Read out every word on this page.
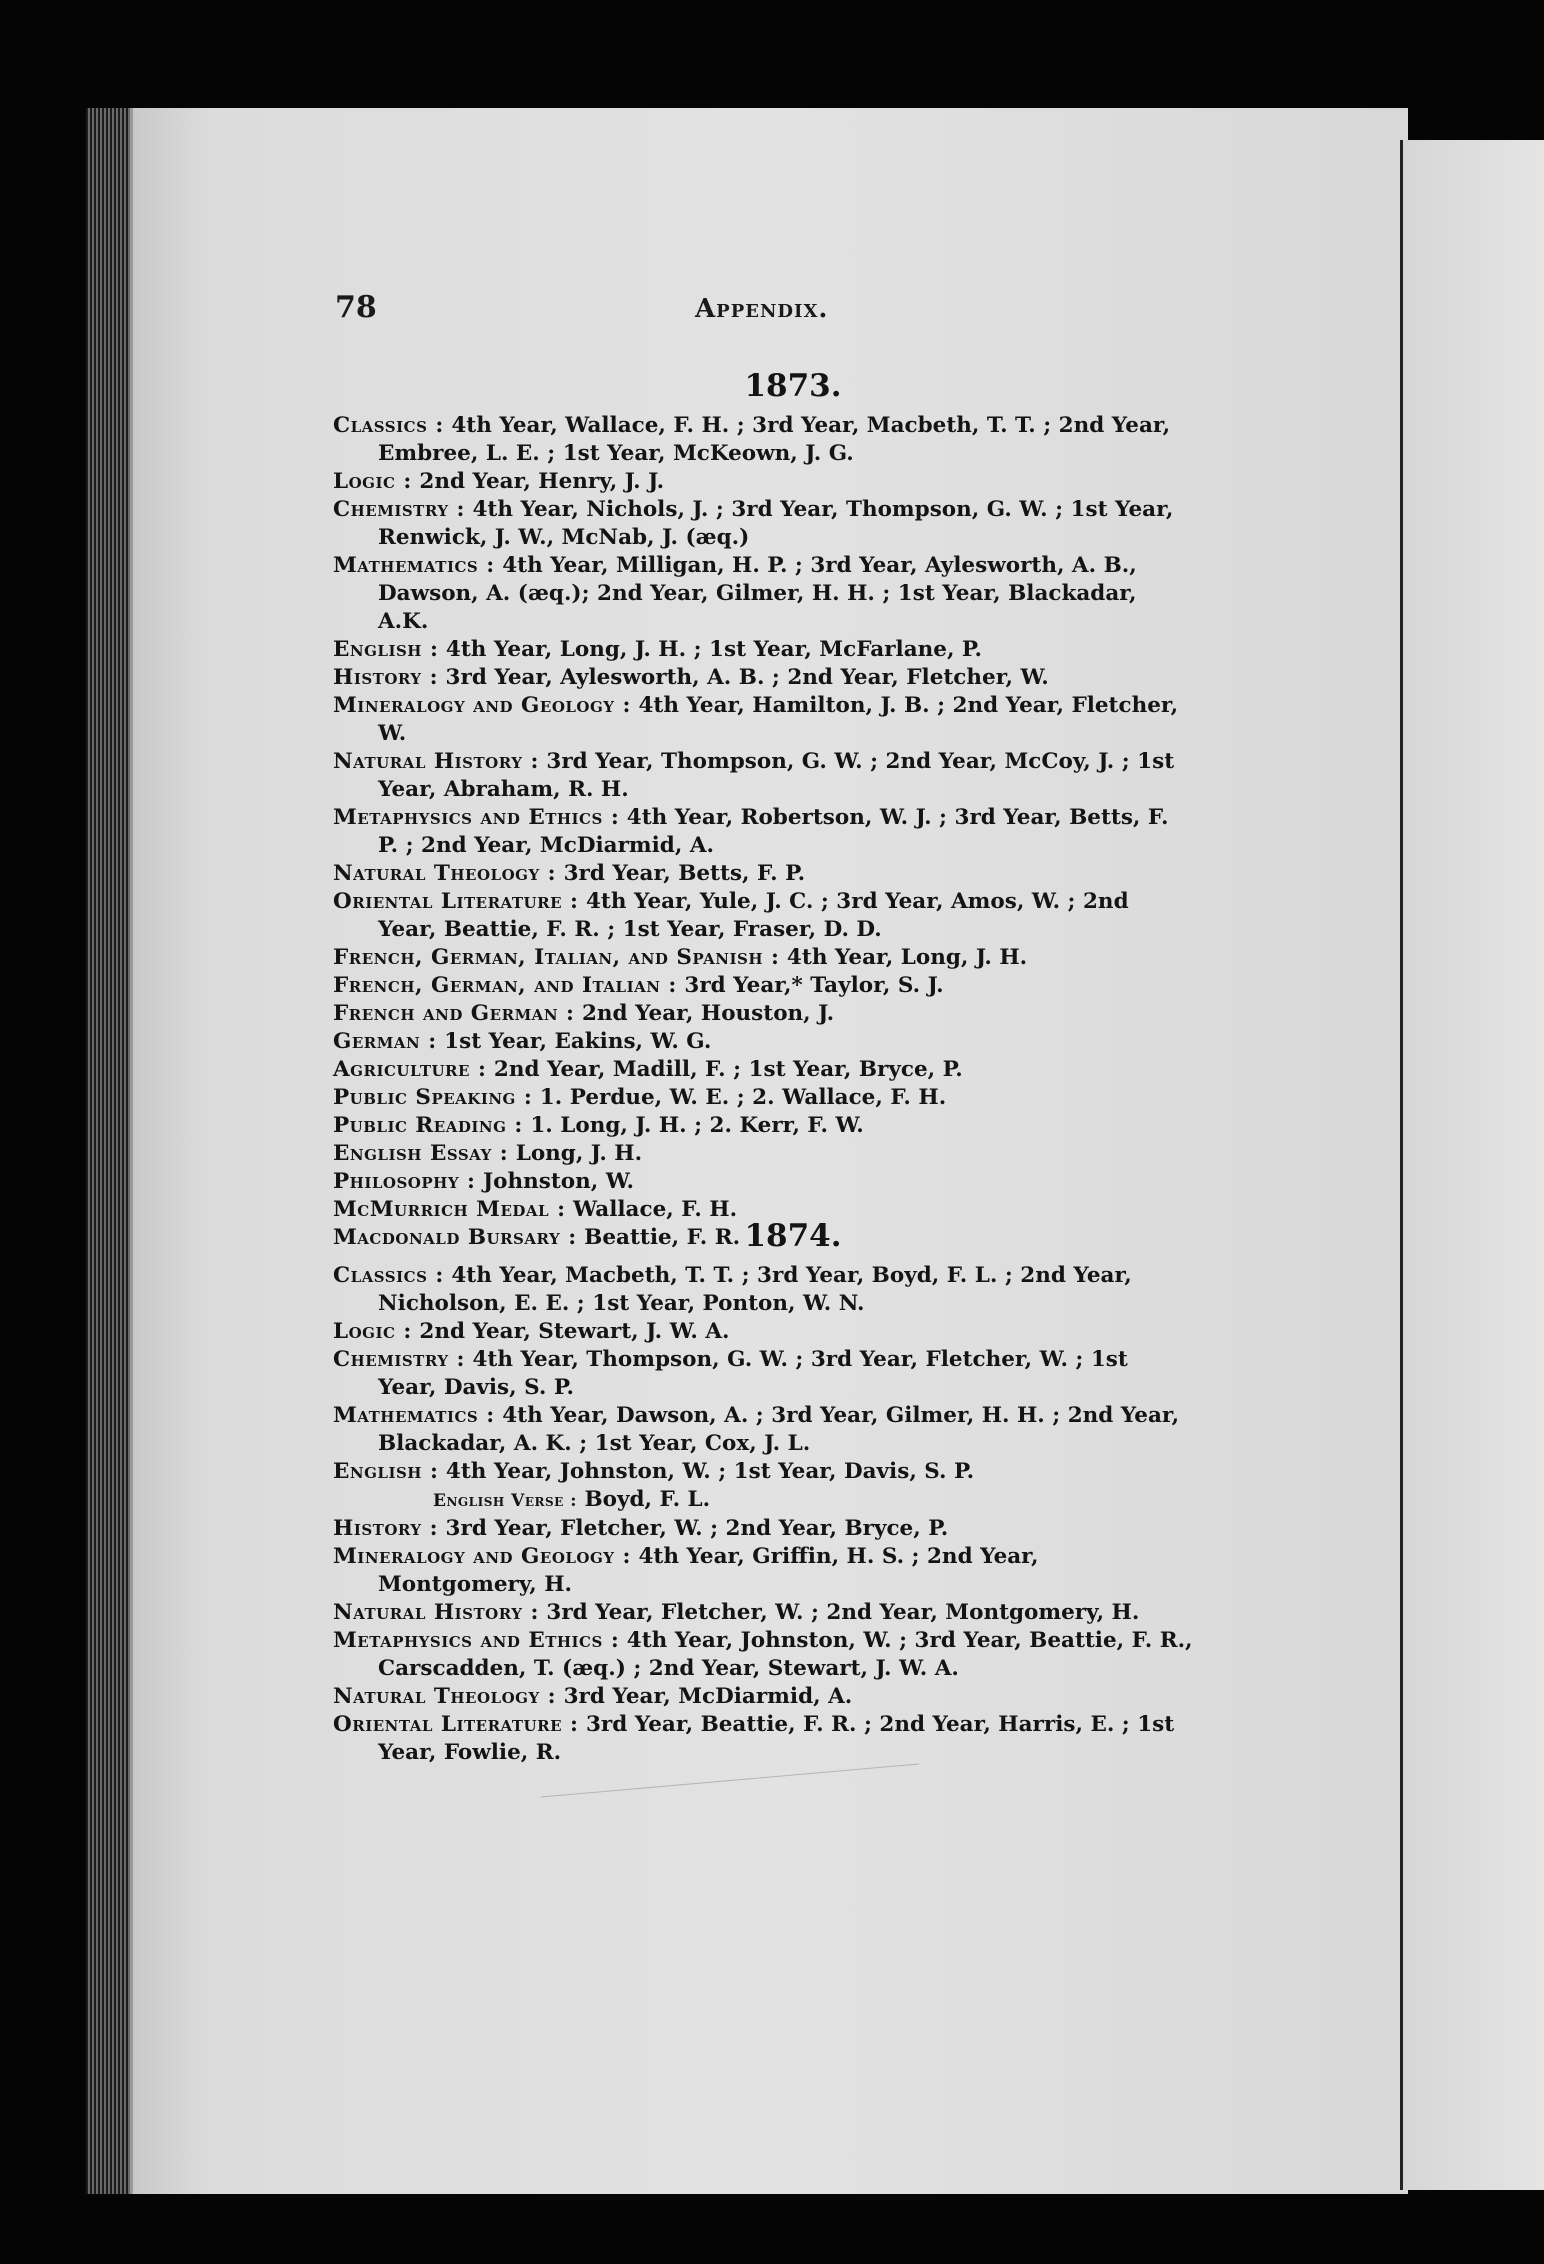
78	Appendix.
1873.

Classics : 4th Year, Wallace, F. H. ; 3rd Year, Macbeth, T. T. ; 2nd Year, Embree, L. E. ; 1st Year, McKeown, J. G.

Logic : 2nd Year, Henry, J. J.

Chemistry : 4th Year, Nichols, J. ; 3rd Year, Thompson, G. W. ; 1st Year, Renwick, J. W., McNab, J. (æq.)

Mathematics : 4th Year, Milligan, H. P. ; 3rd Year, Aylesworth, A. B., Dawson, A. (æq.); 2nd Year, Gilmer, H. H. ; 1st Year, Blackadar, A.K.

English : 4th Year, Long, J. H. ; 1st Year, McFarlane, P.

History : 3rd Year, Aylesworth, A. B. ; 2nd Year, Fletcher, W.

Mineralogy and Geology : 4th Year, Hamilton, J. B. ; 2nd Year, Fletcher, W.

Natural History : 3rd Year, Thompson, G. W. ; 2nd Year, McCoy, J. ; 1st Year, Abraham, R. H.

Metaphysics and Ethics : 4th Year, Robertson, W. J. ; 3rd Year, Betts, F. P. ; 2nd Year, McDiarmid, A.

Natural Theology : 3rd Year, Betts, F. P.

Oriental Literature : 4th Year, Yule, J. C. ; 3rd Year, Amos, W. ; 2nd Year, Beattie, F. R. ; 1st Year, Fraser, D. D.

French, German, Italian, and Spanish : 4th Year, Long, J. H.

French, German, and Italian : 3rd Year,* Taylor, S. J.

French and German : 2nd Year, Houston, J.

German : 1st Year, Eakins, W. G.

Agriculture : 2nd Year, Madill, F. ; 1st Year, Bryce, P.

Public Speaking : 1. Perdue, W. E. ; 2. Wallace, F. H.

Public Reading : 1. Long, J. H. ; 2. Kerr, F. W.

English Essay : Long, J. H.

Philosophy : Johnston, W.

McMurrich Medal : Wallace, F. H.

Macdonald Bursary : Beattie, F. R. 1874.

Classics : 4th Year, Macbeth, T. T. ; 3rd Year, Boyd, F. L. ; 2nd Year, Nicholson, E. E. ; 1st Year, Ponton, W. N.

Logic : 2nd Year, Stewart, J. W. A.

Chemistry : 4th Year, Thompson, G. W. ; 3rd Year, Fletcher, W. ; 1st Year, Davis, S. P.

Mathematics : 4th Year, Dawson, A. ; 3rd Year, Gilmer, H. H. ; 2nd Year, Blackadar, A. K. ; 1st Year, Cox, J. L.

English : 4th Year, Johnston, W. ; 1st Year, Davis, S. P.

English Verse : Boyd, F. L.

History : 3rd Year, Fletcher, W. ; 2nd Year, Bryce, P.

Mineralogy and Geology : 4th Year, Griffin, H. S. ; 2nd Year, Montgomery, H.

Natural History : 3rd Year, Fletcher, W. ; 2nd Year, Montgomery, H.

Metaphysics and Ethics : 4th Year, Johnston, W. ; 3rd Year, Beattie, F. R., Carscadden, T. (æq.) ; 2nd Year, Stewart, J. W. A.

Natural Theology : 3rd Year, McDiarmid, A.

Oriental Literature : 3rd Year, Beattie, F. R. ; 2nd Year, Harris, E. ; 1st Year, Fowlie, R.
